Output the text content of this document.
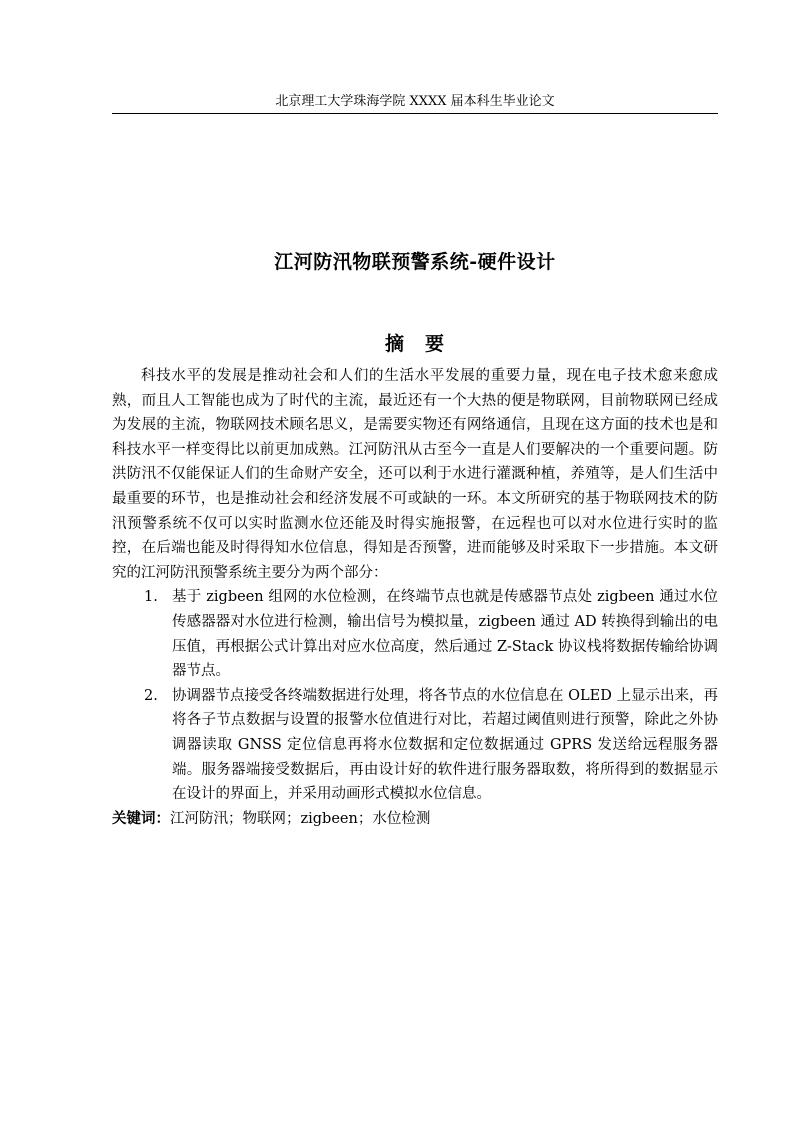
北京理工大学珠海学院 XXXX 届本科生毕业论文
江河防汛物联预警系统-硬件设计
摘　要

科技水平的发展是推动社会和人们的生活水平发展的重要力量，现在电子技术愈来愈成熟，而且人工智能也成为了时代的主流，最近还有一个大热的便是物联网，目前物联网已经成为发展的主流，物联网技术顾名思义，是需要实物还有网络通信，且现在这方面的技术也是和科技水平一样变得比以前更加成熟。江河防汛从古至今一直是人们要解决的一个重要问题。防洪防汛不仅能保证人们的生命财产安全，还可以利于水进行灌溉种植，养殖等，是人们生活中最重要的环节，也是推动社会和经济发展不可或缺的一环。本文所研究的基于物联网技术的防汛预警系统不仅可以实时监测水位还能及时得实施报警，在远程也可以对水位进行实时的监控，在后端也能及时得得知水位信息，得知是否预警，进而能够及时采取下一步措施。本文研究的江河防汛预警系统主要分为两个部分：

1. 基于 zigbeen 组网的水位检测，在终端节点也就是传感器节点处 zigbeen 通过水位传感器器对水位进行检测，输出信号为模拟量，zigbeen 通过 AD 转换得到输出的电压值，再根据公式计算出对应水位高度，然后通过 Z-Stack 协议栈将数据传输给协调器节点。
2. 协调器节点接受各终端数据进行处理，将各节点的水位信息在 OLED 上显示出来，再将各子节点数据与设置的报警水位值进行对比，若超过阈值则进行预警，除此之外协调器读取 GNSS 定位信息再将水位数据和定位数据通过 GPRS 发送给远程服务器端。服务器端接受数据后，再由设计好的软件进行服务器取数，将所得到的数据显示在设计的界面上，并采用动画形式模拟水位信息。

关键词：江河防汛；物联网；zigbeen；水位检测
